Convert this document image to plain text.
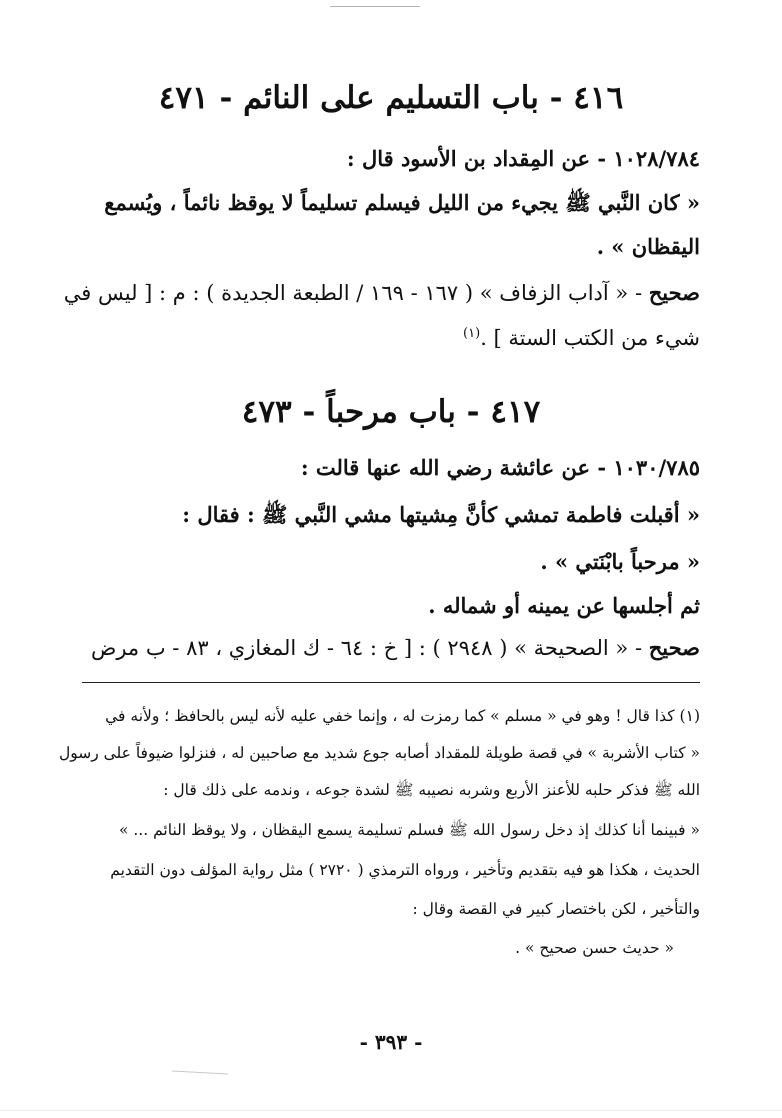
٤١٦ - باب التسليم على النائم - ٤٧١
١٠٢٨/٧٨٤ - عن المِقداد بن الأسود قال :
« كان النَّبي ﷺ يجيء من الليل فيسلم تسليماً لا يوقظ نائماً ، ويُسمع
اليقظان » .
صحيح - « آداب الزفاف » ( ١٦٧ - ١٦٩ / الطبعة الجديدة ) : م : [ ليس في
شيء من الكتب الستة ] .$^{(١)}$
٤١٧ - باب مرحباً - ٤٧٣
١٠٣٠/٧٨٥ - عن عائشة رضي الله عنها قالت :
« أقبلت فاطمة تمشي كأنَّ مِشيتها مشي النَّبي ﷺ : فقال :
« مرحباً بابْنَتي » .
ثم أجلسها عن يمينه أو شماله .
صحيح - « الصحيحة » ( ٢٩٤٨ ) : [ خ : ٦٤ - ك المغازي ، ٨٣ - ب مرض
(١) كذا قال ! وهو في « مسلم » كما رمزت له ، وإنما خفي عليه لأنه ليس بالحافظ ؛ ولأنه في
« كتاب الأشربة » في قصة طويلة للمقداد أصابه جوع شديد مع صاحبين له ، فنزلوا ضيوفاً على رسول
الله ﷺ فذكر حلبه للأعنز الأربع وشربه نصيبه ﷺ لشدة جوعه ، وندمه على ذلك قال :
« فبينما أنا كذلك إذ دخل رسول الله ﷺ فسلم تسليمة يسمع اليقظان ، ولا يوقظ النائم ... »
الحديث ، هكذا هو فيه بتقديم وتأخير ، ورواه الترمذي ( ٢٧٢٠ ) مثل رواية المؤلف دون التقديم
والتأخير ، لكن باختصار كبير في القصة وقال :
« حديث حسن صحيح » .
- ٣٩٣ -
